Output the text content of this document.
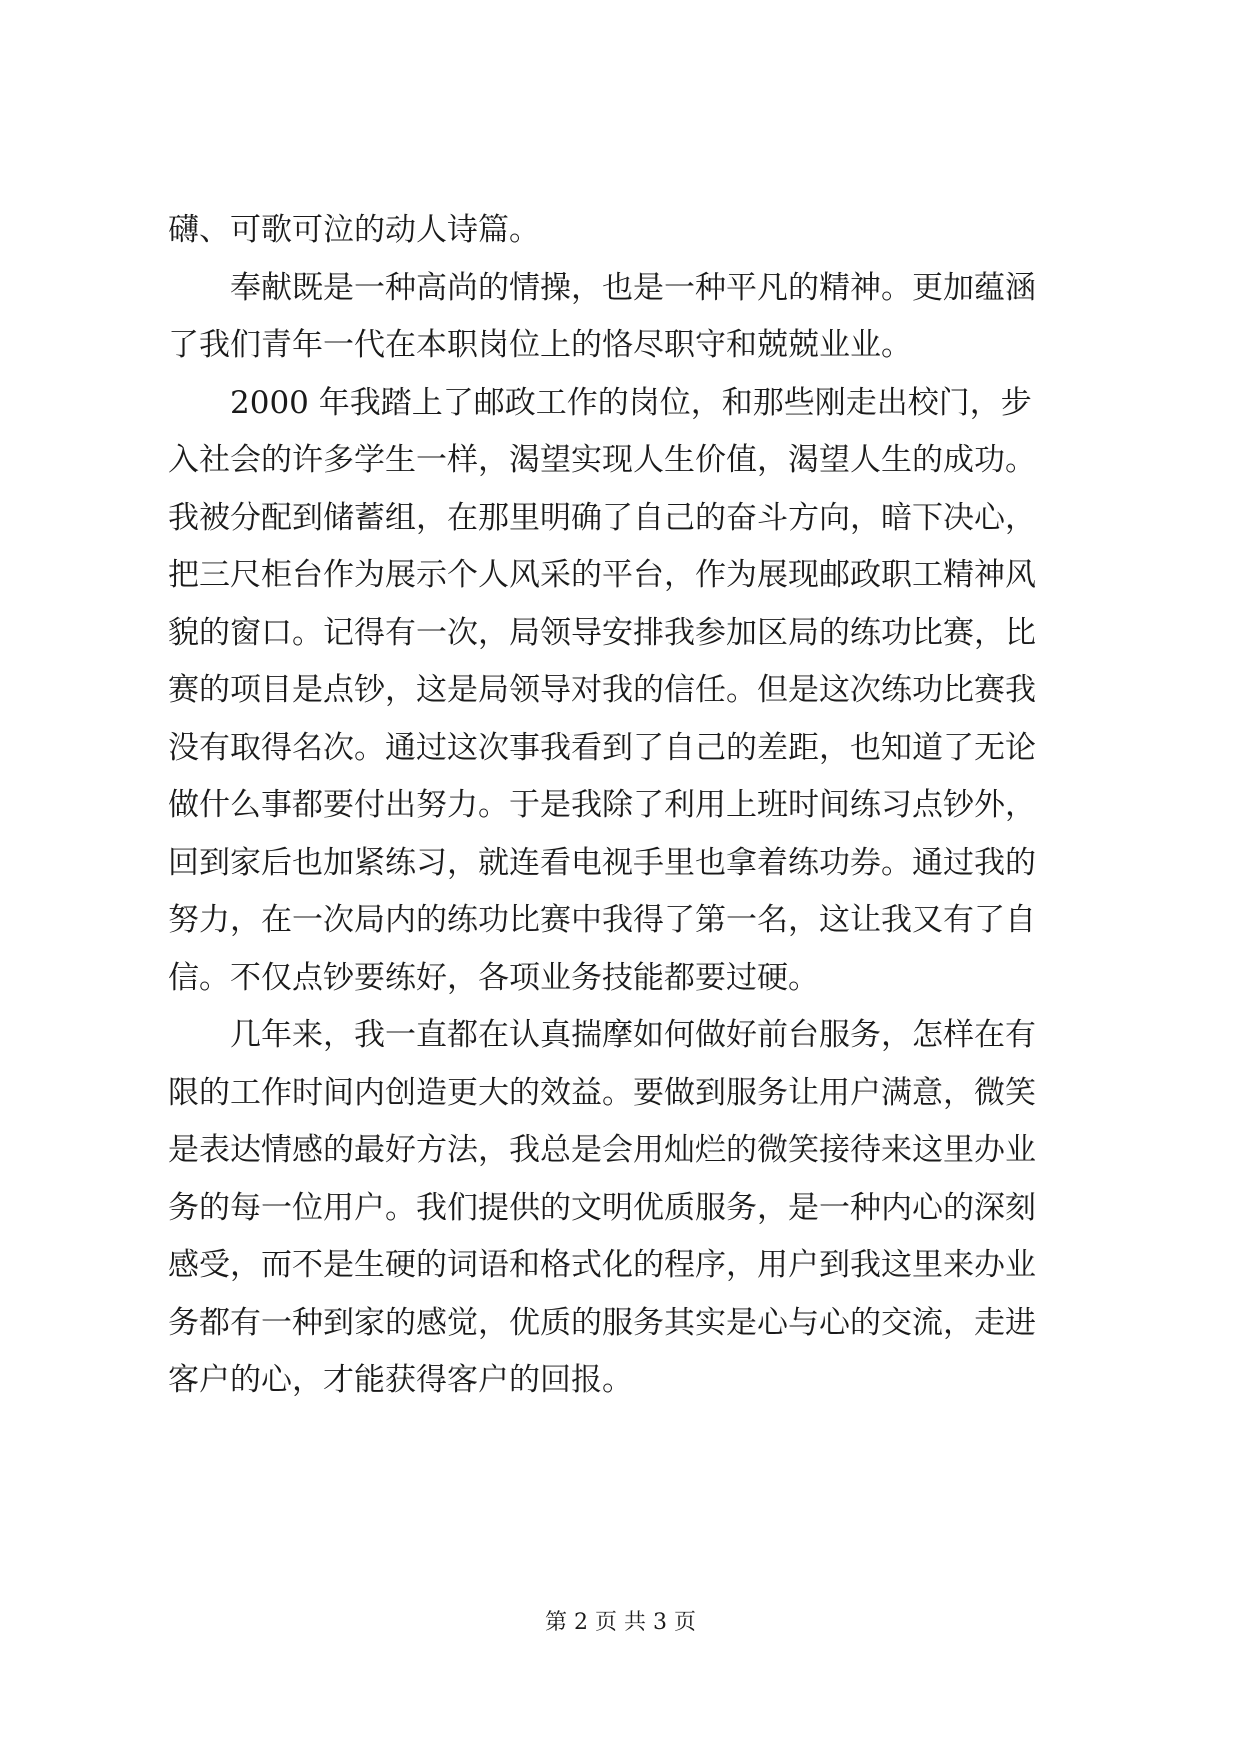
礴、可歌可泣的动人诗篇。
奉献既是一种高尚的情操，也是一种平凡的精神。更加蕴涵
了我们青年一代在本职岗位上的恪尽职守和兢兢业业。
2000 年我踏上了邮政工作的岗位，和那些刚走出校门，步
入社会的许多学生一样，渴望实现人生价值，渴望人生的成功。
我被分配到储蓄组，在那里明确了自己的奋斗方向，暗下决心，
把三尺柜台作为展示个人风采的平台，作为展现邮政职工精神风
貌的窗口。记得有一次，局领导安排我参加区局的练功比赛，比
赛的项目是点钞，这是局领导对我的信任。但是这次练功比赛我
没有取得名次。通过这次事我看到了自己的差距，也知道了无论
做什么事都要付出努力。于是我除了利用上班时间练习点钞外，
回到家后也加紧练习，就连看电视手里也拿着练功券。通过我的
努力，在一次局内的练功比赛中我得了第一名，这让我又有了自
信。不仅点钞要练好，各项业务技能都要过硬。
几年来，我一直都在认真揣摩如何做好前台服务，怎样在有
限的工作时间内创造更大的效益。要做到服务让用户满意，微笑
是表达情感的最好方法，我总是会用灿烂的微笑接待来这里办业
务的每一位用户。我们提供的文明优质服务，是一种内心的深刻
感受，而不是生硬的词语和格式化的程序，用户到我这里来办业
务都有一种到家的感觉，优质的服务其实是心与心的交流，走进
客户的心，才能获得客户的回报。
第 2 页 共 3 页
